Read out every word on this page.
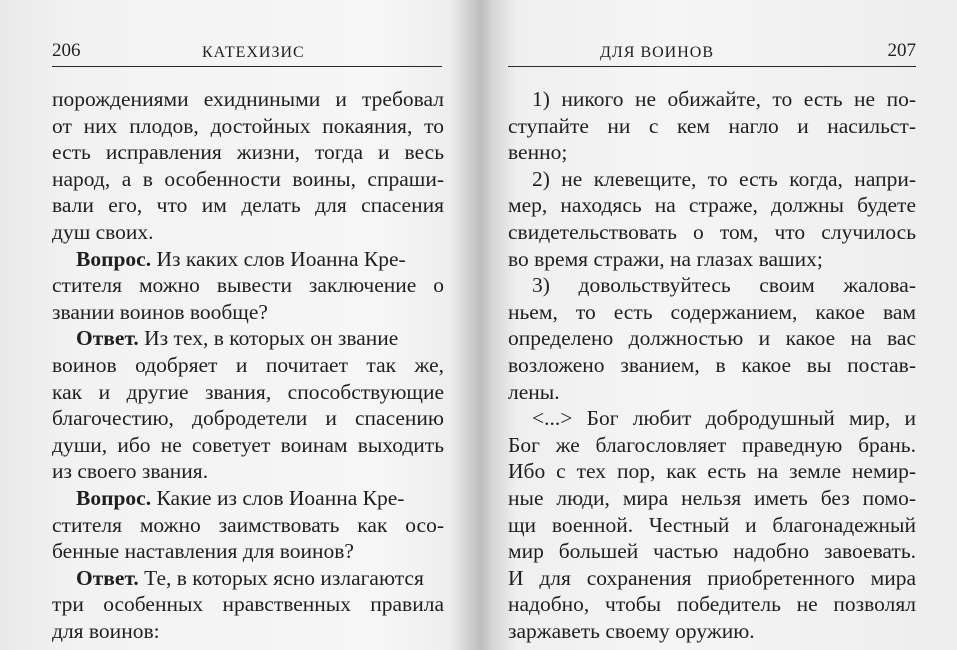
206	КАТЕХИЗИС
порождениями ехидниными и требовал
от них плодов, достойных покаяния, то
есть исправления жизни, тогда и весь
народ, а в особенности воины, спраши-
вали его, что им делать для спасения
душ своих.
Вопрос. Из каких слов Иоанна Кре-
стителя можно вывести заключение о
звании воинов вообще?
Ответ. Из тех, в которых он звание
воинов одобряет и почитает так же,
как и другие звания, способствующие
благочестию, добродетели и спасению
души, ибо не советует воинам выходить
из своего звания.
Вопрос. Какие из слов Иоанна Кре-
стителя можно заимствовать как осо-
бенные наставления для воинов?
Ответ. Те, в которых ясно излагаются
три особенных нравственных правила
для воинов:
ДЛЯ ВОИНОВ	207
1) никого не обижайте, то есть не по-
ступайте ни с кем нагло и насильст-
венно;
2) не клевещите, то есть когда, напри-
мер, находясь на страже, должны будете
свидетельствовать о том, что случилось
во время стражи, на глазах ваших;
3) довольствуйтесь своим жалова-
ньем, то есть содержанием, какое вам
определено должностью и какое на вас
возложено званием, в какое вы постав-
лены.
<...> Бог любит добродушный мир, и
Бог же благословляет праведную брань.
Ибо с тех пор, как есть на земле немир-
ные люди, мира нельзя иметь без помо-
щи военной. Честный и благонадежный
мир большей частью надобно завоевать.
И для сохранения приобретенного мира
надобно, чтобы победитель не позволял
заржаветь своему оружию.
